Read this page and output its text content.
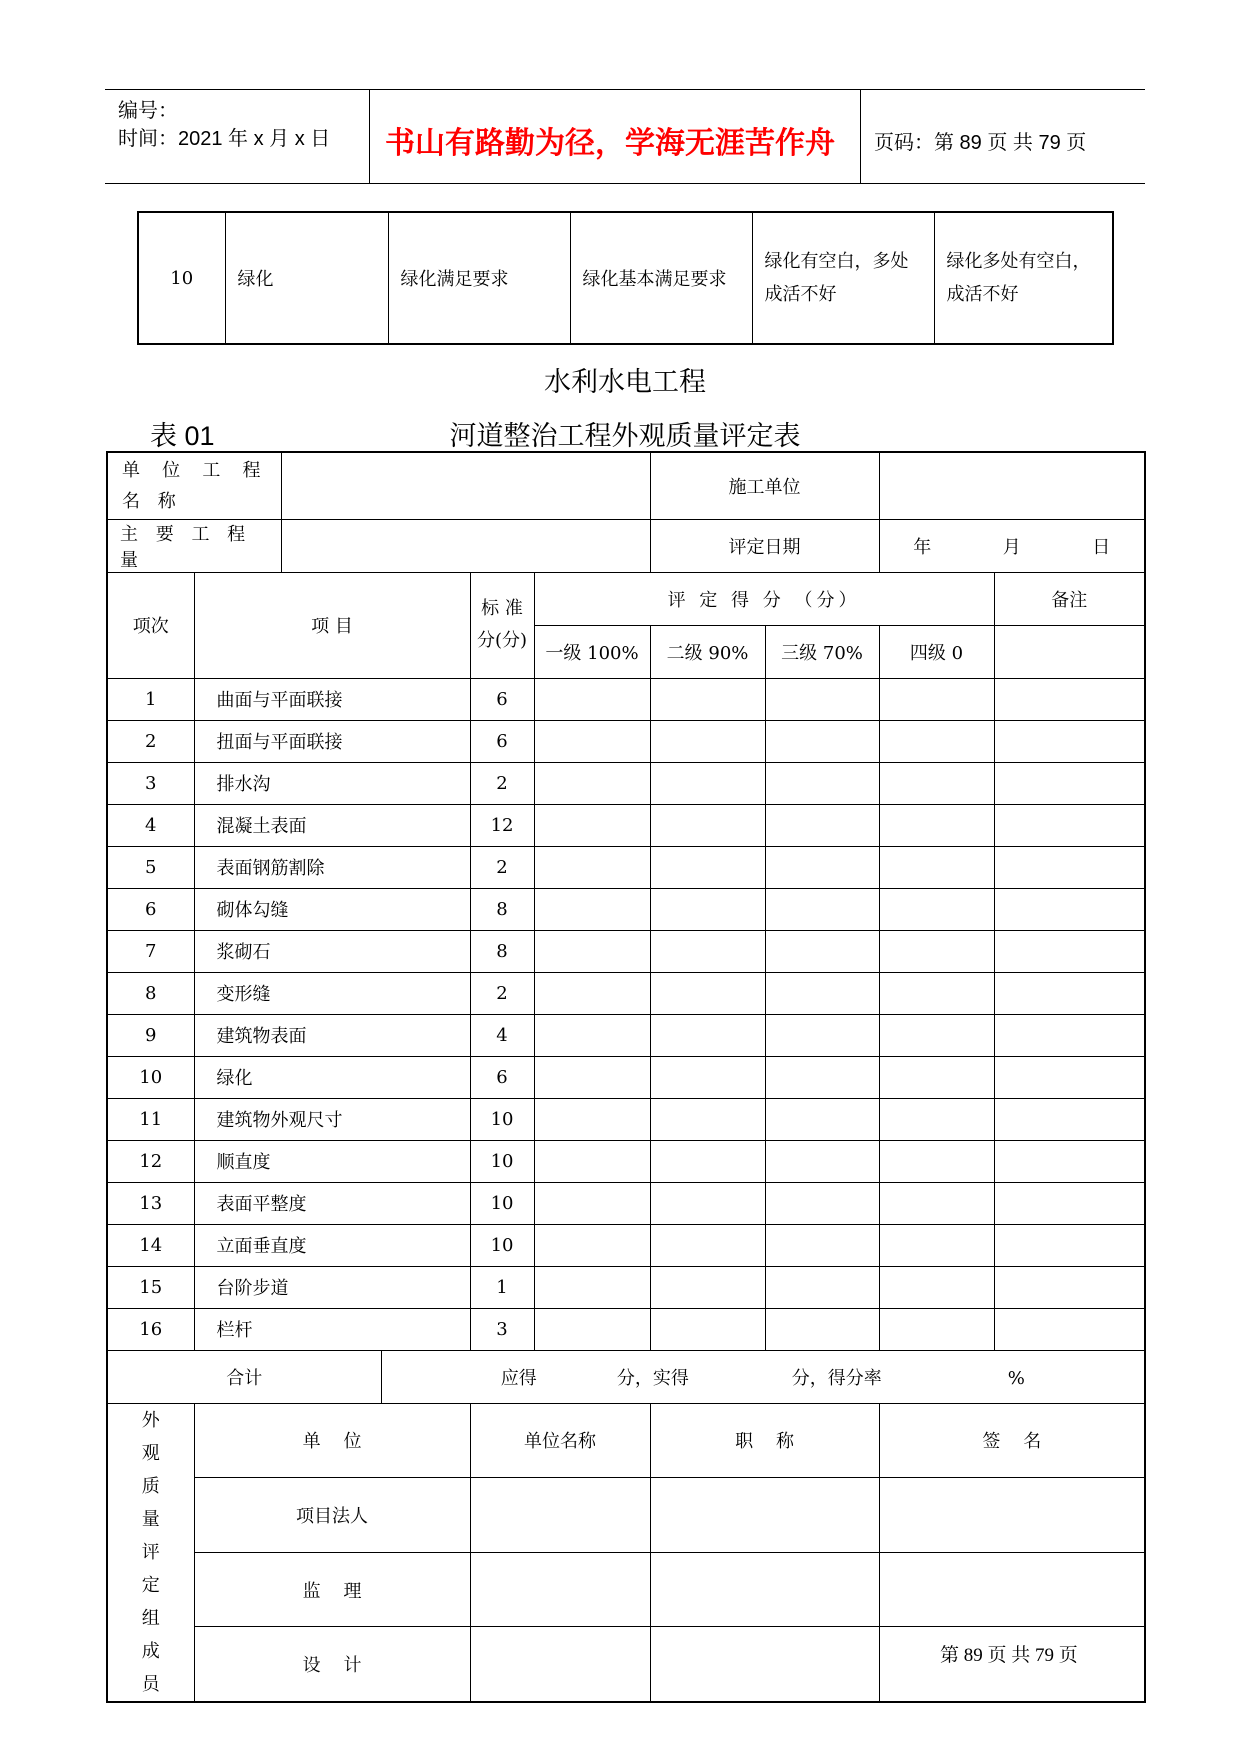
编号：
时间：2021 年 x 月 x 日	书山有路勤为径，学海无涯苦作舟	页码：第 89 页 共 79 页
10	绿化	绿化满足要求	绿化基本满足要求	绿化有空白，多处成活不好	绿化多处有空白，成活不好
水利水电工程
表 01	河道整治工程外观质量评定表
单 位 工 程 名 称						施工单位			
主 要 工 程 量						评定日期		年 月 日	
项次	项 目			标 准 分(分)	评 定 得 分 （分）				备注
					一级 100%	二级 90%	三级 70%	四级 0	
1	曲面与平面联接			6					
2	扭面与平面联接			6					
3	排水沟			2					
4	混凝土表面			12					
5	表面钢筋割除			2					
6	砌体勾缝			8					
7	浆砌石			8					
8	变形缝			2					
9	建筑物表面			4					
10	绿化			6					
11	建筑物外观尺寸			10					
12	顺直度			10					
13	表面平整度			10					
14	立面垂直度			10					
15	台阶步道			1					
16	栏杆			3					
合计			应得              分，实得                  分，得分率                      %						
外观质量评定组成员	单    位			单位名称		职    称		签    名	
	项目法人								
	监    理								
	设    计									第 89 页 共 79 页
